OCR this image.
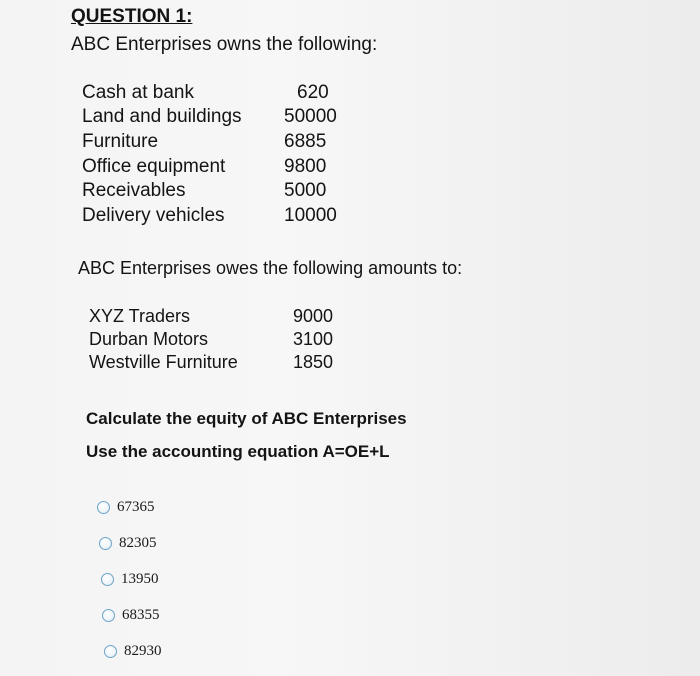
QUESTION 1:

ABC Enterprises owns the following:

Cash at bank	620
Land and buildings 50000
Furniture	6885
Office equipment	9800
Receivables	5000
Delivery vehicles	10000

ABC Enterprises owes the following amounts to:

XYZ Traders	9000
Durban Motors	3100
Westville Furniture	1850

Calculate the equity of ABC Enterprises

Use the accounting equation A=OE+L

67365
82305
13950
68355
82930
